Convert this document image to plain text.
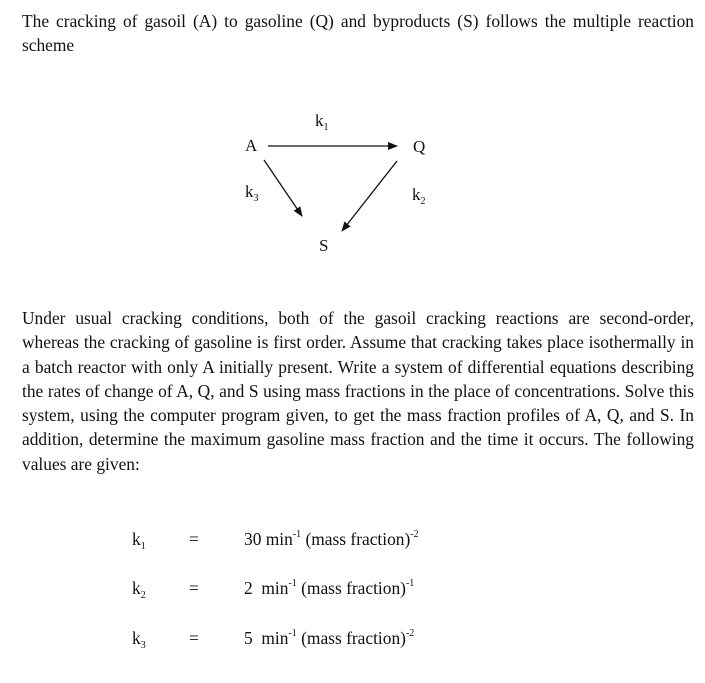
The cracking of gasoil (A) to gasoline (Q) and byproducts (S) follows the multiple reaction scheme

A	Q
S
$k_1$
$k_2$
$k_3$

Under usual cracking conditions, both of the gasoil cracking reactions are second-order, whereas the cracking of gasoline is first order. Assume that cracking takes place isothermally in a batch reactor with only A initially present. Write a system of differential equations describing the rates of change of A, Q, and S using mass fractions in the place of concentrations. Solve this system, using the computer program given, to get the mass fraction profiles of A, Q, and S. In addition, determine the maximum gasoline mass fraction and the time it occurs. The following values are given:

$k_1$ =	30 $\min^{-1}$ (mass fraction)$^{-2}$
$k_2$ =	2  $\min^{-1}$ (mass fraction)$^{-1}$
$k_3$ =	5  $\min^{-1}$ (mass fraction)$^{-2}$
